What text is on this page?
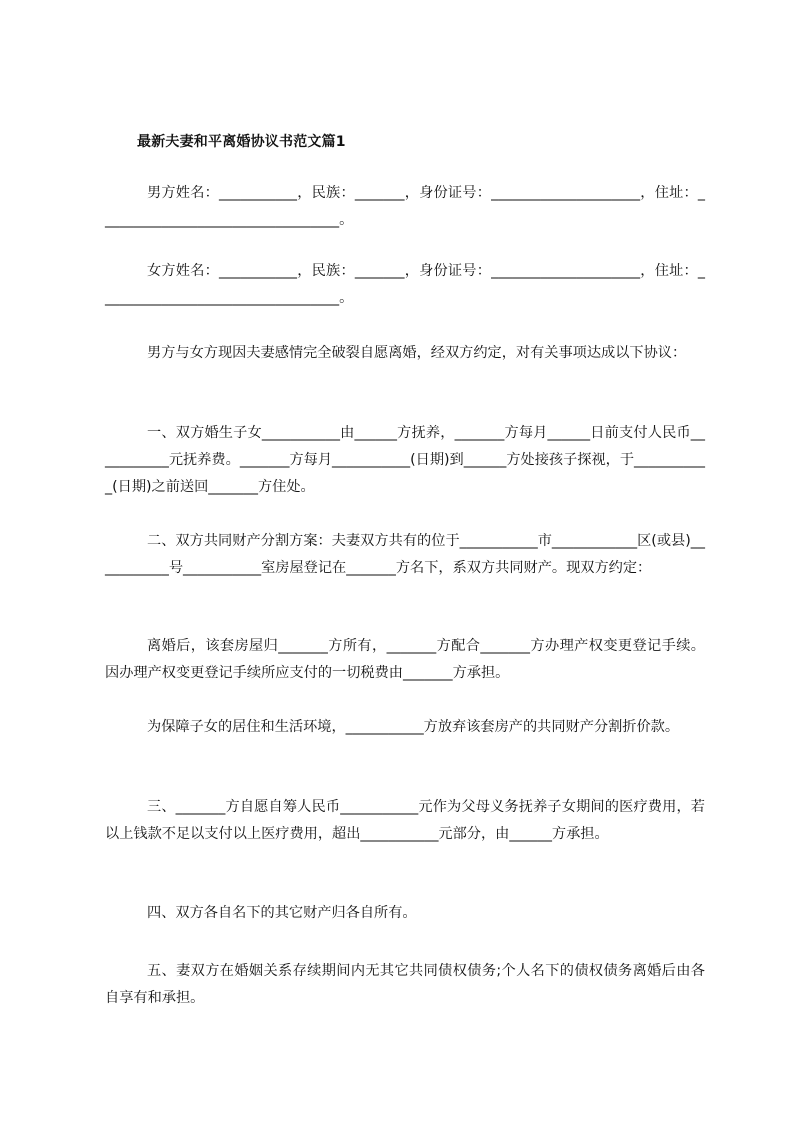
最新夫妻和平离婚协议书范文篇1

男方姓名：___________，民族：_______，身份证号：_____________________，住址：__________________________________。

女方姓名：___________，民族：_______，身份证号：_____________________，住址：__________________________________。

男方与女方现因夫妻感情完全破裂自愿离婚，经双方约定，对有关事项达成以下协议：

一、双方婚生子女___________由______方抚养，_______方每月______日前支付人民币___________元抚养费。_______方每月___________(日期)到______方处接孩子探视，于___________(日期)之前送回_______方住处。

二、双方共同财产分割方案：夫妻双方共有的位于___________市____________区(或县)___________号___________室房屋登记在_______方名下，系双方共同财产。现双方约定：

离婚后，该套房屋归_______方所有，_______方配合_______方办理产权变更登记手续。因办理产权变更登记手续所应支付的一切税费由_______方承担。

为保障子女的居住和生活环境，___________方放弃该套房产的共同财产分割折价款。

三、_______方自愿自筹人民币___________元作为父母义务抚养子女期间的医疗费用，若以上钱款不足以支付以上医疗费用，超出___________元部分，由______方承担。

四、双方各自名下的其它财产归各自所有。

五、妻双方在婚姻关系存续期间内无其它共同债权债务;个人名下的债权债务离婚后由各自享有和承担。
